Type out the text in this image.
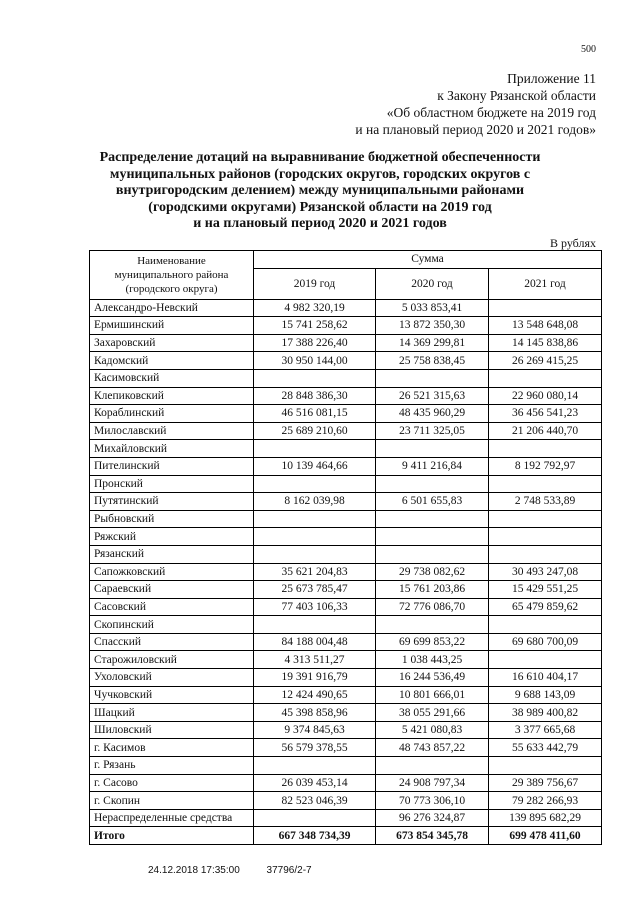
500
Приложение 11
к Закону Рязанской области
«Об областном бюджете на 2019 год
и на плановый период 2020 и 2021 годов»
Распределение дотаций на выравнивание бюджетной обеспеченности
муниципальных районов (городских округов, городских округов с
внутригородским делением) между муниципальными районами
(городскими округами) Рязанской области на 2019 год
и на плановый период 2020 и 2021 годов
В рублях
Наименование
муниципального района
(городского округа)	Сумма		
	2019 год	2020 год	2021 год
Александро-Невский	4 982 320,19	5 033 853,41	
Ермишинский	15 741 258,62	13 872 350,30	13 548 648,08
Захаровский	17 388 226,40	14 369 299,81	14 145 838,86
Кадомский	30 950 144,00	25 758 838,45	26 269 415,25
Касимовский			
Клепиковский	28 848 386,30	26 521 315,63	22 960 080,14
Кораблинский	46 516 081,15	48 435 960,29	36 456 541,23
Милославский	25 689 210,60	23 711 325,05	21 206 440,70
Михайловский			
Пителинский	10 139 464,66	9 411 216,84	8 192 792,97
Пронский			
Путятинский	8 162 039,98	6 501 655,83	2 748 533,89
Рыбновский			
Ряжский			
Рязанский			
Сапожковский	35 621 204,83	29 738 082,62	30 493 247,08
Сараевский	25 673 785,47	15 761 203,86	15 429 551,25
Сасовский	77 403 106,33	72 776 086,70	65 479 859,62
Скопинский			
Спасский	84 188 004,48	69 699 853,22	69 680 700,09
Старожиловский	4 313 511,27	1 038 443,25	
Ухоловский	19 391 916,79	16 244 536,49	16 610 404,17
Чучковский	12 424 490,65	10 801 666,01	9 688 143,09
Шацкий	45 398 858,96	38 055 291,66	38 989 400,82
Шиловский	9 374 845,63	5 421 080,83	3 377 665,68
г. Касимов	56 579 378,55	48 743 857,22	55 633 442,79
г. Рязань			
г. Сасово	26 039 453,14	24 908 797,34	29 389 756,67
г. Скопин	82 523 046,39	70 773 306,10	79 282 266,93
Нераспределенные средства		96 276 324,87	139 895 682,29
Итого	667 348 734,39	673 854 345,78	699 478 411,60
24.12.2018 17:35:00	37796/2-7
